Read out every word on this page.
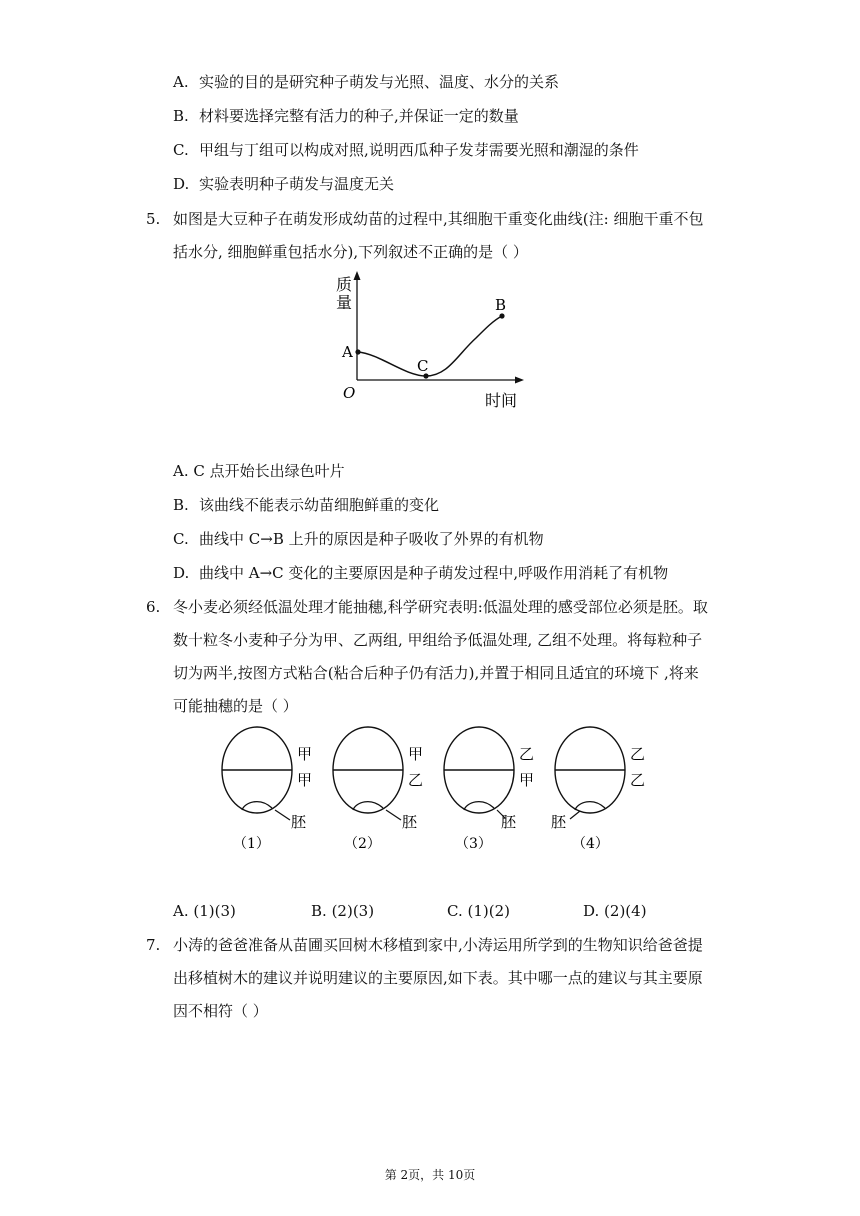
A. 实验的目的是研究种子萌发与光照、温度、水分的关系
B. 材料要选择完整有活力的种子,并保证一定的数量
C. 甲组与丁组可以构成对照,说明西瓜种子发芽需要光照和潮湿的条件
D. 实验表明种子萌发与温度无关
5. 如图是大豆种子在萌发形成幼苗的过程中,其细胞干重变化曲线(注: 细胞干重不包
括水分, 细胞鲜重包括水分),下列叙述不正确的是（ ）
质
量
A
C
B
O	时间
A. C 点开始长出绿色叶片
B. 该曲线不能表示幼苗细胞鲜重的变化
C. 曲线中 C→B 上升的原因是种子吸收了外界的有机物
D. 曲线中 A→C 变化的主要原因是种子萌发过程中,呼吸作用消耗了有机物
6. 冬小麦必须经低温处理才能抽穗,科学研究表明:低温处理的感受部位必须是胚。取
数十粒冬小麦种子分为甲、乙两组, 甲组给予低温处理, 乙组不处理。将每粒种子
切为两半,按图方式粘合(粘合后种子仍有活力),并置于相同且适宜的环境下 ,将来
可能抽穗的是（ ）
甲
甲
胚
（1）
甲
乙
胚
（2）
乙
甲
胚
（3）
乙
乙
胚
（4）
A. (1)(3)	B. (2)(3)	C. (1)(2)	D. (2)(4)
7. 小涛的爸爸准备从苗圃买回树木移植到家中,小涛运用所学到的生物知识给爸爸提
出移植树木的建议并说明建议的主要原因,如下表。其中哪一点的建议与其主要原
因不相符（ ）
第 2页，共 10页
